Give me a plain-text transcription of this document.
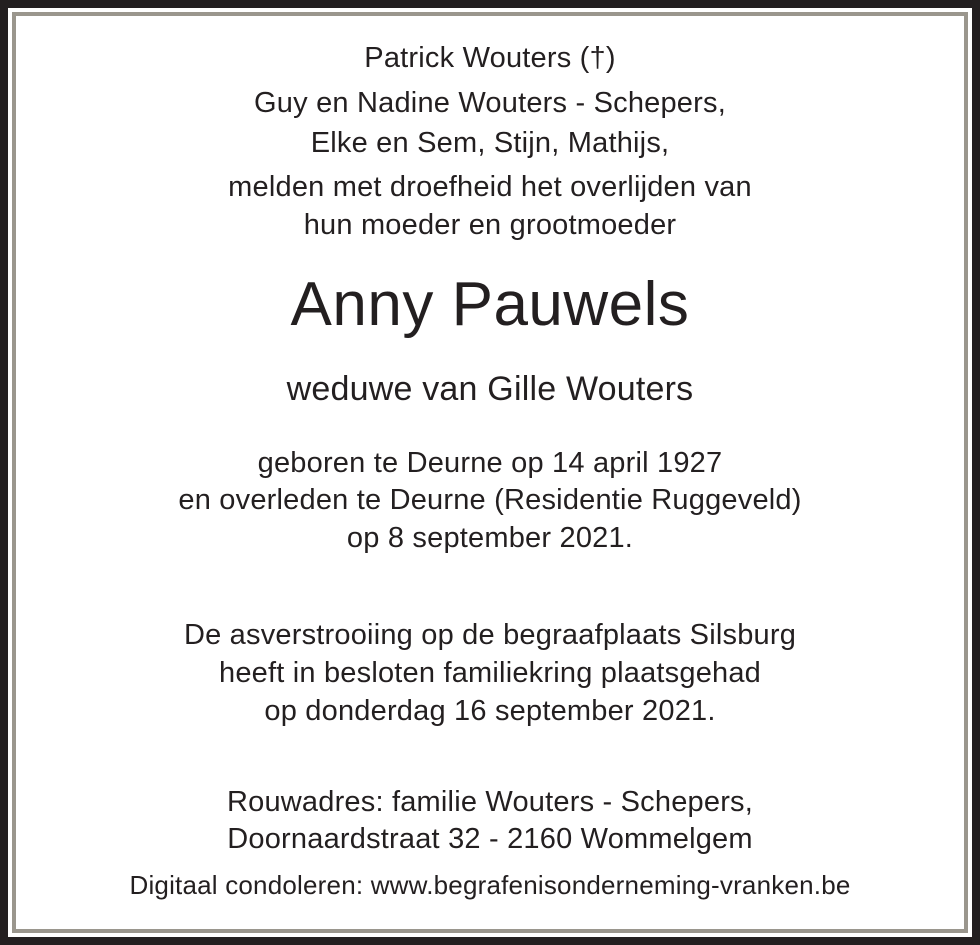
Patrick Wouters (†)
Guy en Nadine Wouters - Schepers,
Elke en Sem, Stijn, Mathijs,
melden met droefheid het overlijden van
hun moeder en grootmoeder
Anny Pauwels
weduwe van Gille Wouters
geboren te Deurne op 14 april 1927
en overleden te Deurne (Residentie Ruggeveld)
op 8 september 2021.
De asverstrooiing op de begraafplaats Silsburg
heeft in besloten familiekring plaatsgehad
op donderdag 16 september 2021.
Rouwadres: familie Wouters - Schepers,
Doornaardstraat 32 - 2160 Wommelgem
Digitaal condoleren: www.begrafenisonderneming-vranken.be
